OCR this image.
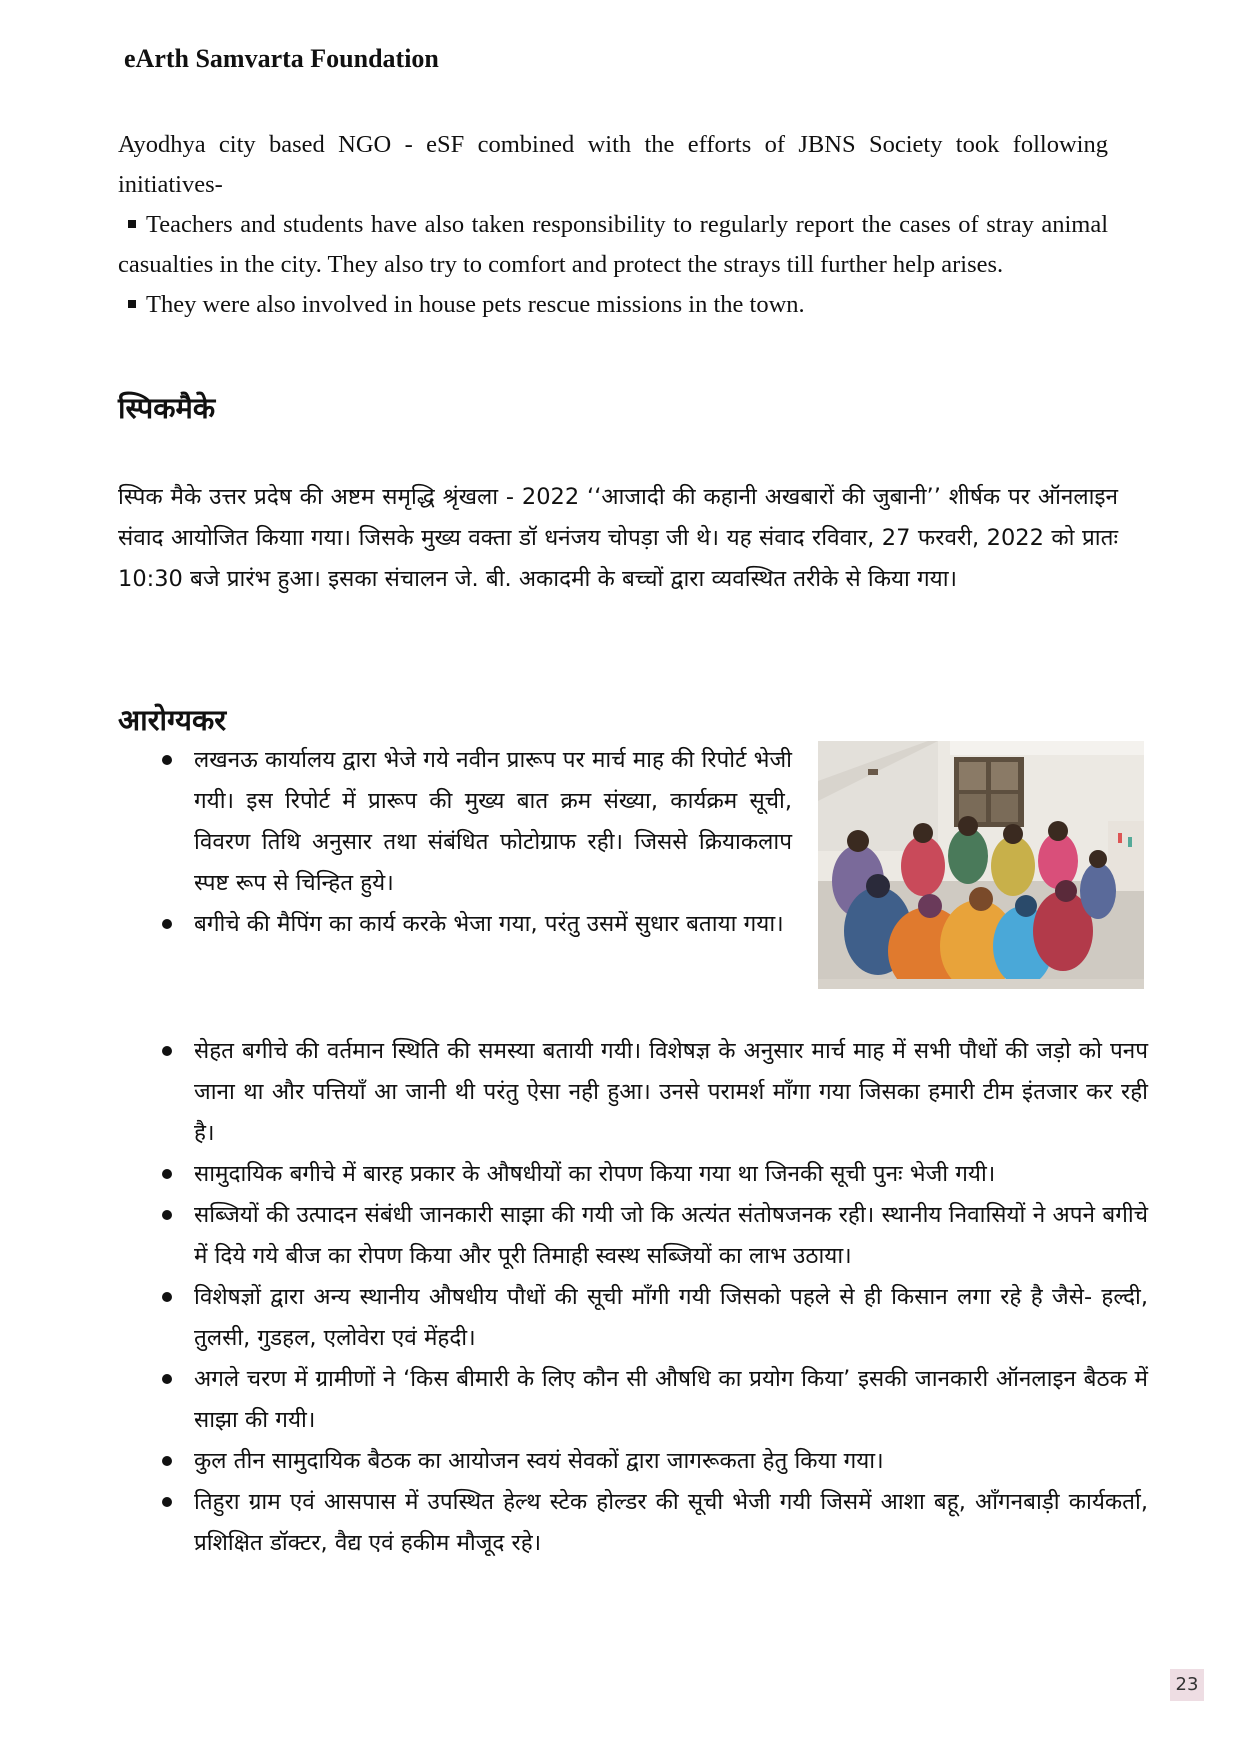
eArth Samvarta Foundation

Ayodhya city based NGO - eSF combined with the efforts of JBNS Society took following initiatives-

Teachers and students have also taken responsibility to regularly report the cases of stray animal casualties in the city. They also try to comfort and protect the strays till further help arises.

They were also involved in house pets rescue missions in the town.

स्पिकमैके

स्पिक मैके उत्तर प्रदेष की अष्टम समृद्धि श्रृंखला - 2022 ‘‘आजादी की कहानी अखबारों की जुबानी’’ शीर्षक पर ऑनलाइन संवाद आयोजित कियाा गया। जिसके मुख्य वक्ता डॉ धनंजय चोपड़ा जी थे। यह संवाद रविवार, 27 फरवरी, 2022 को प्रातः 10:30 बजे प्रारंभ हुआ। इसका संचालन जे. बी. अकादमी के बच्चों द्वारा व्यवस्थित तरीके से किया गया।

आरोग्यकर
लखनऊ कार्यालय द्वारा भेजे गये नवीन प्रारूप पर मार्च माह की रिपोर्ट भेजी गयी। इस रिपोर्ट में प्रारूप की मुख्य बात क्रम संख्या, कार्यक्रम सूची, विवरण तिथि अनुसार तथा संबंधित फोटोग्राफ रही। जिससे क्रियाकलाप स्पष्ट रूप से चिन्हित हुये।
बगीचे की मैपिंग का कार्य करके भेजा गया, परंतु उसमें सुधार बताया गया।
सेहत बगीचे की वर्तमान स्थिति की समस्या बतायी गयी। विशेषज्ञ के अनुसार मार्च माह में सभी पौधों की जड़ो को पनप जाना था और पत्तियाँ आ जानी थी परंतु ऐसा नही हुआ। उनसे परामर्श माँगा गया जिसका हमारी टीम इंतजार कर रही है।
सामुदायिक बगीचे में बारह प्रकार के औषधीयों का रोपण किया गया था जिनकी सूची पुनः भेजी गयी।
सब्जियों की उत्पादन संबंधी जानकारी साझा की गयी जो कि अत्यंत संतोषजनक रही। स्थानीय निवासियों ने अपने बगीचे में दिये गये बीज का रोपण किया और पूरी तिमाही स्वस्थ सब्जियों का लाभ उठाया।
विशेषज्ञों द्वारा अन्य स्थानीय औषधीय पौधों की सूची माँगी गयी जिसको पहले से ही किसान लगा रहे है जैसे- हल्दी, तुलसी, गुडहल, एलोवेरा एवं मेंहदी।
अगले चरण में ग्रामीणों ने ‘किस बीमारी के लिए कौन सी औषधि का प्रयोग किया’ इसकी जानकारी ऑनलाइन बैठक में साझा की गयी।
कुल तीन सामुदायिक बैठक का आयोजन स्वयं सेवकों द्वारा जागरूकता हेतु किया गया।
तिहुरा ग्राम एवं आसपास में उपस्थित हेल्थ स्टेक होल्डर की सूची भेजी गयी जिसमें आशा बहू, आँगनबाड़ी कार्यकर्ता, प्रशिक्षित डॉक्टर, वैद्य एवं हकीम मौजूद रहे।
23
